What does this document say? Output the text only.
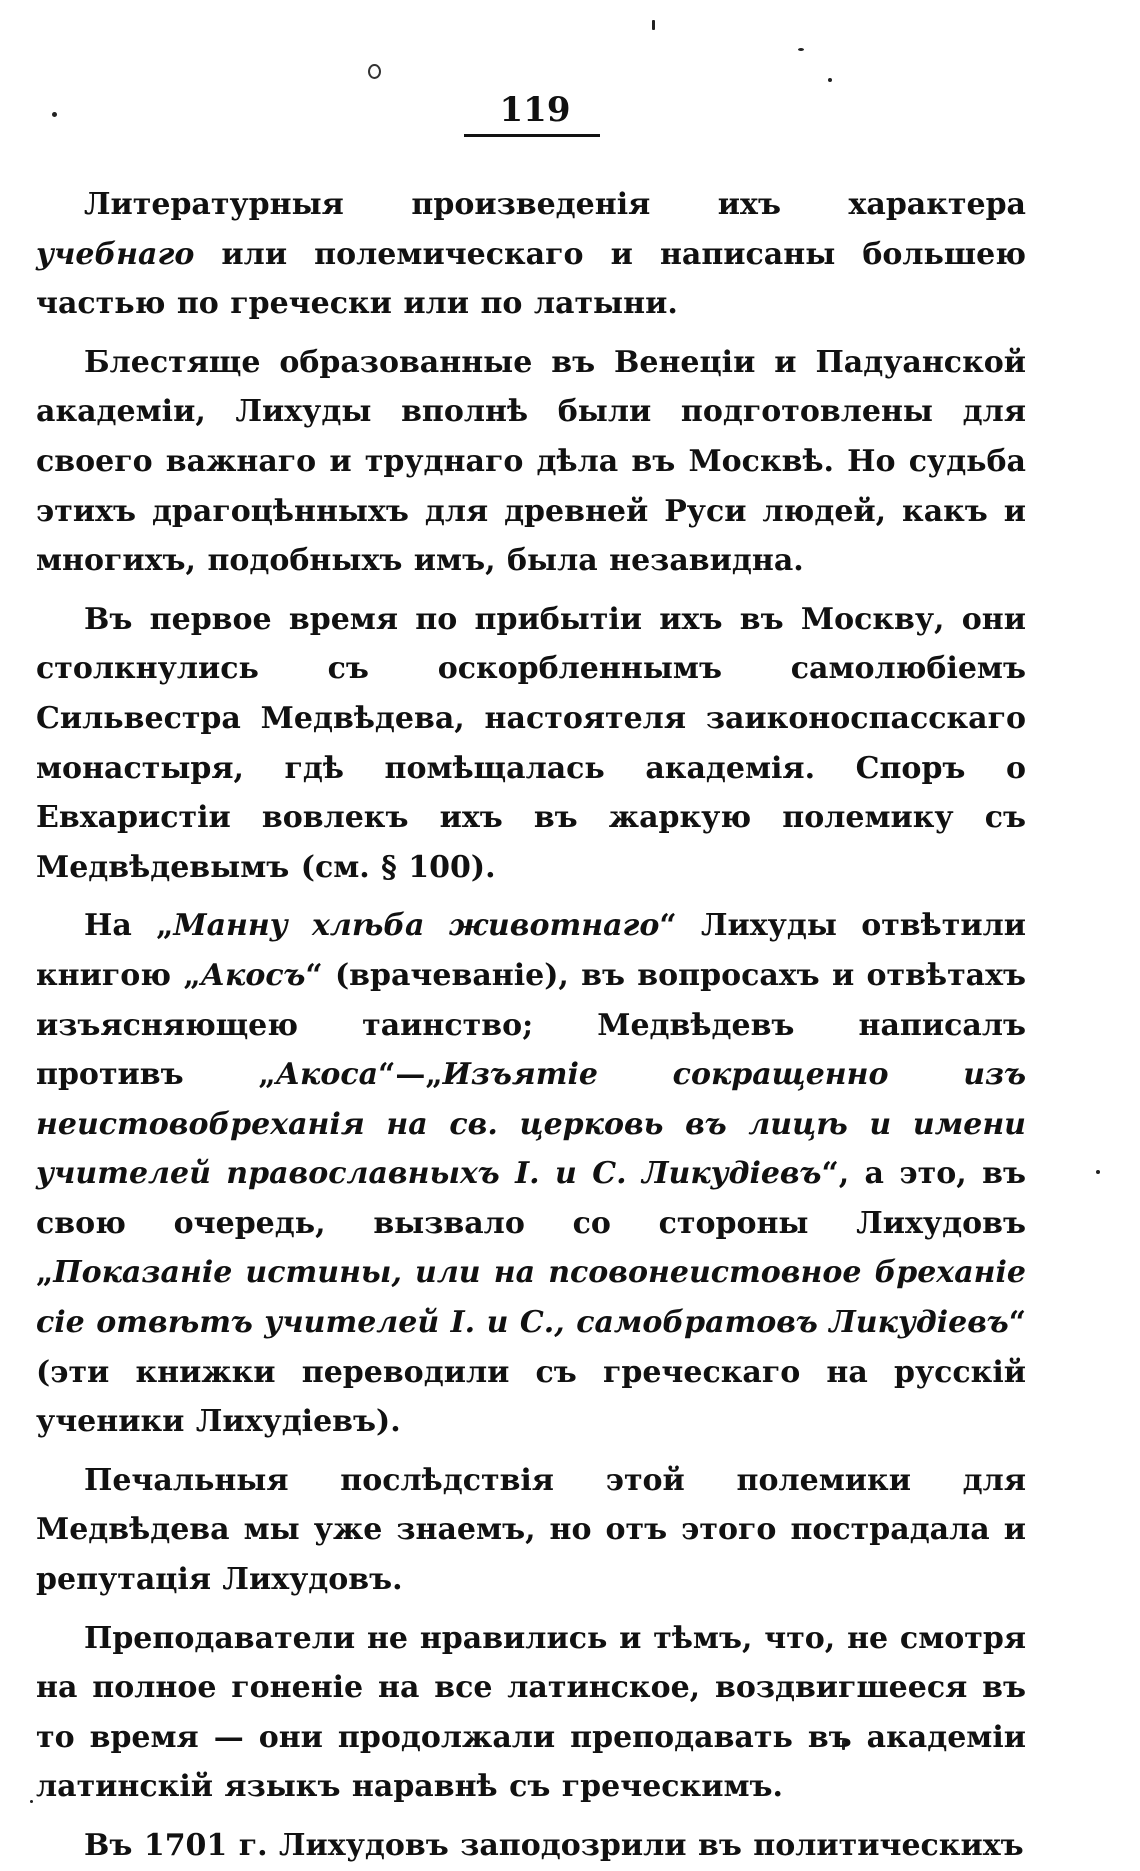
119

Литературныя произведенія ихъ характера учебнаго или полемическаго и написаны большею частью по гречески или по латыни.

Блестяще образованные въ Венеціи и Падуанской академіи, Лихуды вполнѣ были подготовлены для своего важнаго и труднаго дѣла въ Москвѣ. Но судьба этихъ драгоцѣнныхъ для древней Руси людей, какъ и многихъ, подобныхъ имъ, была незавидна.

Въ первое время по прибытіи ихъ въ Москву, они столкнулись съ оскорбленнымъ самолюбіемъ Сильвестра Медвѣдева, настоятеля заиконоспасскаго монастыря, гдѣ помѣщалась академія. Споръ о Евхаристіи вовлекъ ихъ въ жаркую полемику съ Медвѣдевымъ (см. § 100).

На „Манну хлѣба животнаго“ Лихуды отвѣтили книгою „Акосъ“ (врачеваніе), въ вопросахъ и отвѣтахъ изъясняющею таинство; Медвѣдевъ написалъ противъ „Акоса“—„Изъятіе сокращенно изъ неистовобреханія на св. церковь въ лицѣ и имени учителей православныхъ І. и С. Ликудіевъ“, а это, въ свою очередь, вызвало со стороны Лихудовъ „Показаніе истины, или на псовонеистовное бреханіе сіе отвѣтъ учителей І. и С., самобратовъ Ликудіевъ“ (эти книжки переводили съ греческаго на русскій ученики Лихудіевъ).

Печальныя послѣдствія этой полемики для Медвѣдева мы уже знаемъ, но отъ этого пострадала и репутація Лихудовъ.

Преподаватели не нравились и тѣмъ, что, не смотря на полное гоненіе на все латинское, воздвигшееся въ то время — они продолжали преподавать въ академіи латинскій языкъ наравнѣ съ греческимъ.

Въ 1701 г. Лихудовъ заподозрили въ политическихъ
